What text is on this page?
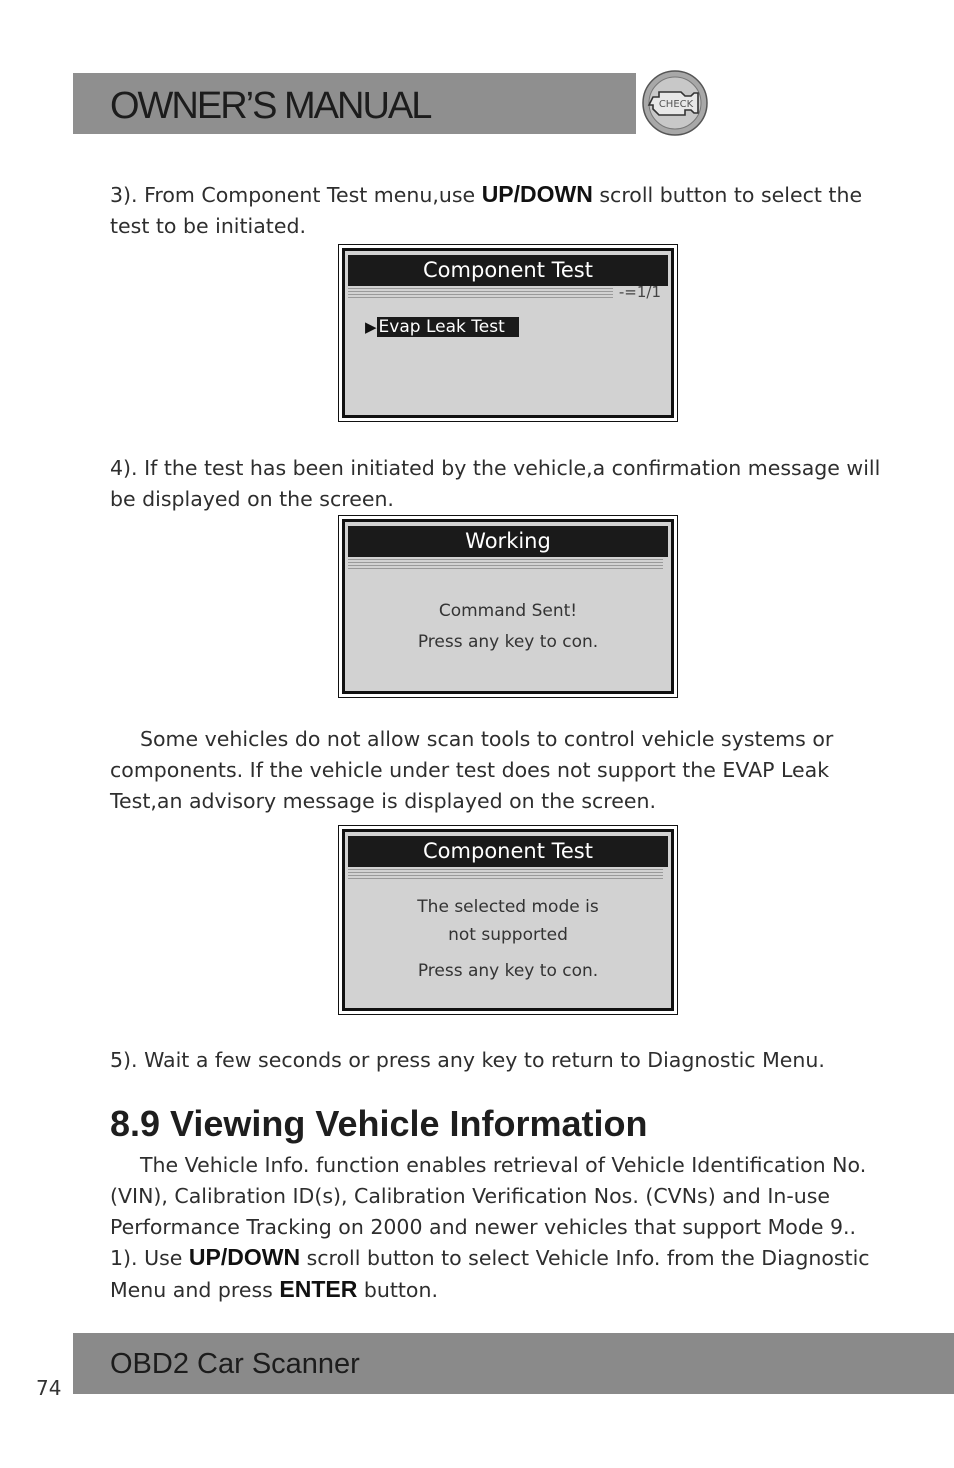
OWNER’S MANUAL	CHECK

3). From Component Test menu,use UP/DOWN scroll button to select the test to be initiated.

Component Test
-=1/1
▶ Evap Leak Test

4). If the test has been initiated by the vehicle,a confirmation message will be displayed on the screen.

Working
Command Sent!
Press any key to con.

Some vehicles do not allow scan tools to control vehicle systems or components. If the vehicle under test does not support the EVAP Leak Test,an advisory message is displayed on the screen.

Component Test
The selected mode is
not supported
Press any key to con.

5). Wait a few seconds or press any key to return to Diagnostic Menu.

8.9 Viewing Vehicle Information

The Vehicle Info. function enables retrieval of Vehicle Identification No. (VIN), Calibration ID(s), Calibration Verification Nos. (CVNs) and In-use Performance Tracking on 2000 and newer vehicles that support Mode 9..

1). Use UP/DOWN scroll button to select Vehicle Info. from the Diagnostic Menu and press ENTER button.

OBD2 Car Scanner
74
